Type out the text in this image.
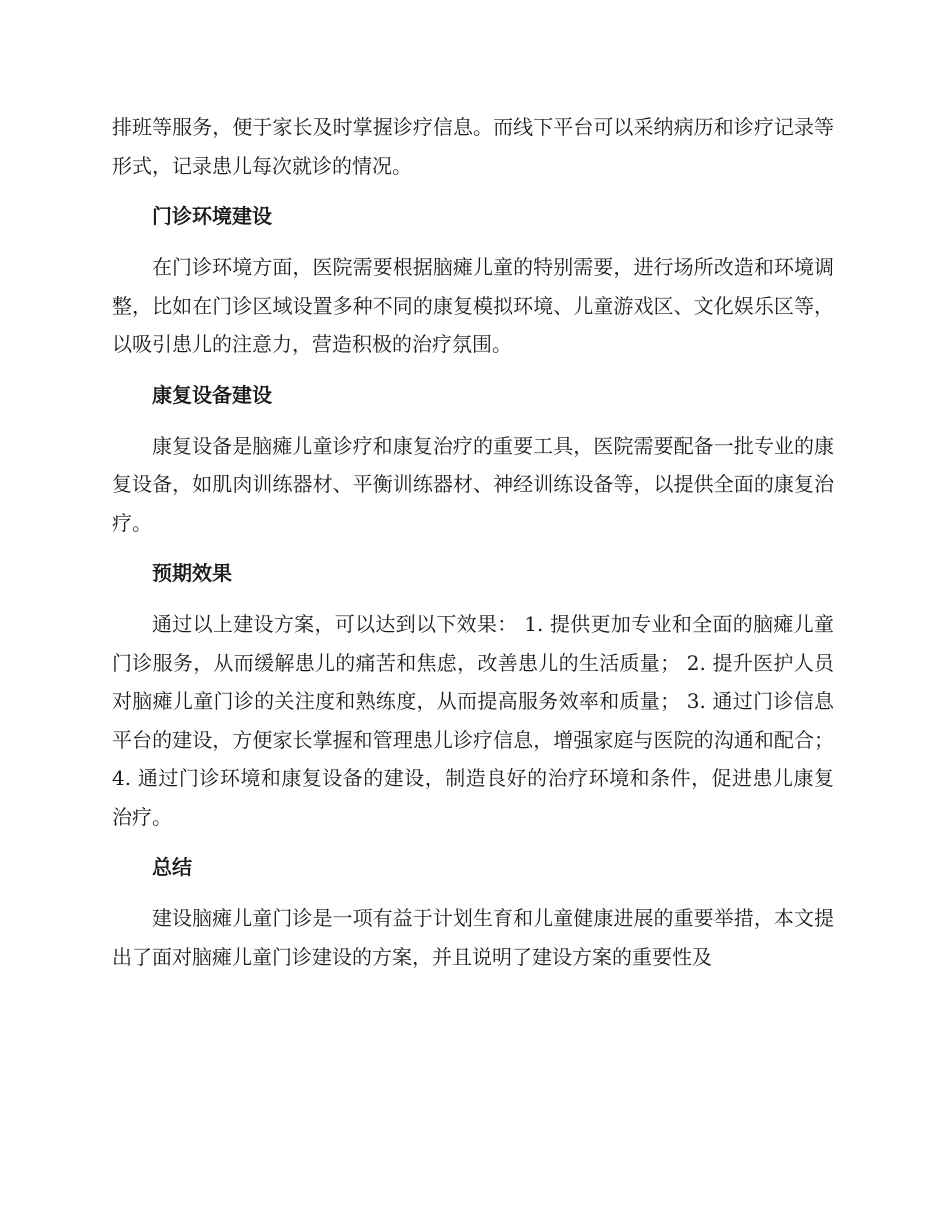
排班等服务，便于家长及时掌握诊疗信息。而线下平台可以采纳病历和诊疗记录等形式，记录患儿每次就诊的情况。

门诊环境建设

在门诊环境方面，医院需要根据脑瘫儿童的特别需要，进行场所改造和环境调整，比如在门诊区域设置多种不同的康复模拟环境、儿童游戏区、文化娱乐区等，以吸引患儿的注意力，营造积极的治疗氛围。

康复设备建设

康复设备是脑瘫儿童诊疗和康复治疗的重要工具，医院需要配备一批专业的康复设备，如肌肉训练器材、平衡训练器材、神经训练设备等，以提供全面的康复治疗。

预期效果

通过以上建设方案，可以达到以下效果： 1. 提供更加专业和全面的脑瘫儿童门诊服务，从而缓解患儿的痛苦和焦虑，改善患儿的生活质量； 2. 提升医护人员对脑瘫儿童门诊的关注度和熟练度，从而提高服务效率和质量； 3. 通过门诊信息平台的建设，方便家长掌握和管理患儿诊疗信息，增强家庭与医院的沟通和配合； 4. 通过门诊环境和康复设备的建设，制造良好的治疗环境和条件，促进患儿康复治疗。

总结

建设脑瘫儿童门诊是一项有益于计划生育和儿童健康进展的重要举措，本文提出了面对脑瘫儿童门诊建设的方案，并且说明了建设方案的重要性及
